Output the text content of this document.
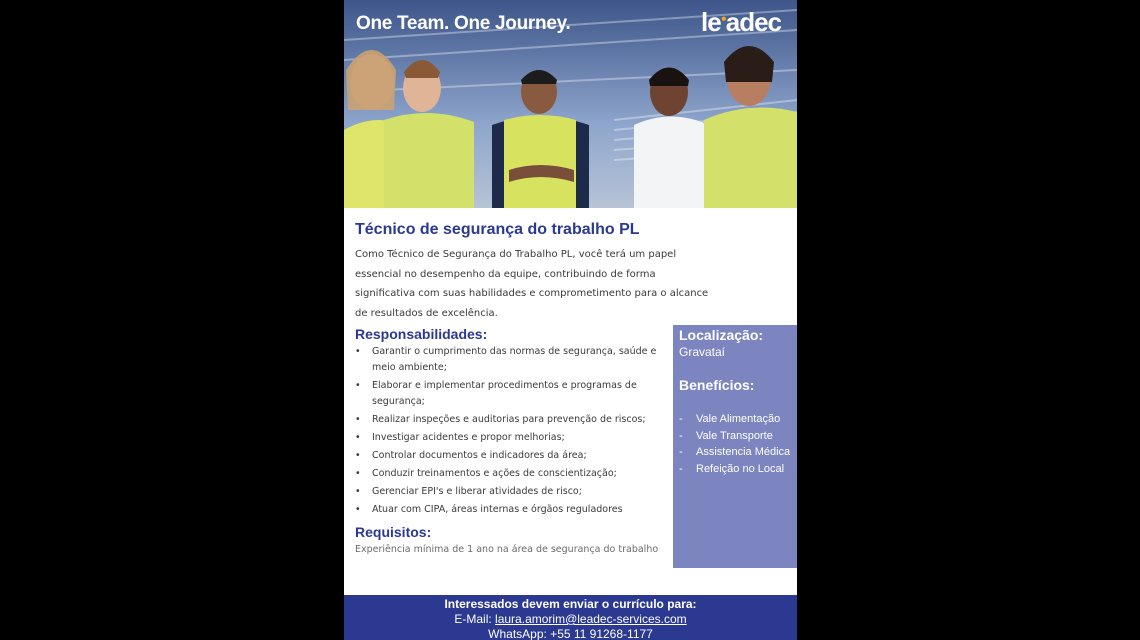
One Team. One Journey.	le●adec
Técnico de segurança do trabalho PL
Como Técnico de Segurança do Trabalho PL, você terá um papel essencial no desempenho da equipe, contribuindo de forma significativa com suas habilidades e comprometimento para o alcance de resultados de excelência.
Responsabilidades:
• Garantir o cumprimento das normas de segurança, saúde e meio ambiente;
• Elaborar e implementar procedimentos e programas de segurança;
• Realizar inspeções e auditorias para prevenção de riscos;
• Investigar acidentes e propor melhorias;
• Controlar documentos e indicadores da área;
• Conduzir treinamentos e ações de conscientização;
• Gerenciar EPI's e liberar atividades de risco;
• Atuar com CIPA, áreas internas e órgãos reguladores
Requisitos:
Experiência mínima de 1 ano na área de segurança do trabalho
Localização:
Gravataí
Benefícios:
- Vale Alimentação
- Vale Transporte
- Assistencia Médica
- Refeição no Local
Interessados devem enviar o currículo para:
E-Mail: laura.amorim@leadec-services.com
WhatsApp: +55 11 91268-1177
